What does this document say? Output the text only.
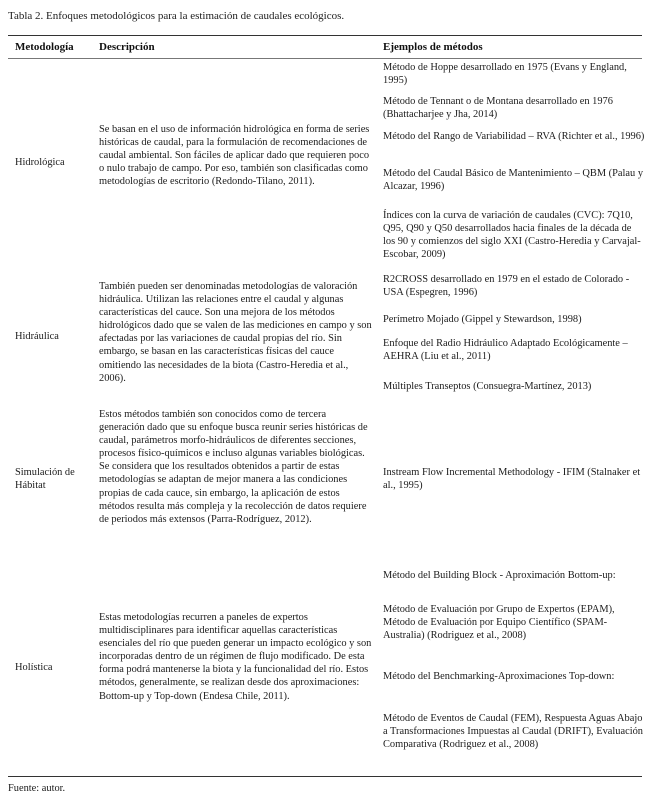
Tabla 2. Enfoques metodológicos para la estimación de caudales ecológicos.
Metodología Descripción	Ejemplos de métodos
Hidrológica
Se basan en el uso de información hidrológica en forma de series históricas de caudal, para la formulación de recomendaciones de caudal ambiental. Son fáciles de aplicar dado que requieren poco o nulo trabajo de campo. Por eso, también son clasificadas como metodologías de escritorio (Redondo-Tilano, 2011).
Método de Hoppe desarrollado en 1975 (Evans y England, 1995)
Método de Tennant o de Montana desarrollado en 1976 (Bhattacharjee y Jha, 2014)
Método del Rango de Variabilidad – RVA (Richter et al., 1996)
Método del Caudal Básico de Mantenimiento – QBM (Palau y Alcazar, 1996)
Índices con la curva de variación de caudales (CVC): 7Q10, Q95, Q90 y Q50 desarrollados hacia finales de la década de los 90 y comienzos del siglo XXI (Castro-Heredia y Carvajal-Escobar, 2009)
Hidráulica
También pueden ser denominadas metodologías de valoración hidráulica. Utilizan las relaciones entre el caudal y algunas características del cauce. Son una mejora de los métodos hidrológicos dado que se valen de las mediciones en campo y son afectadas por las variaciones de caudal propias del río. Sin embargo, se basan en las características físicas del cauce omitiendo las necesidades de la biota (Castro-Heredia et al., 2006).
R2CROSS desarrollado en 1979 en el estado de Colorado - USA (Espegren, 1996)
Perímetro Mojado (Gippel y Stewardson, 1998)
Enfoque del Radio Hidráulico Adaptado Ecológicamente – AEHRA (Liu et al., 2011)
Múltiples Transeptos (Consuegra-Martínez, 2013)
Simulación de Hábitat
Estos métodos también son conocidos como de tercera generación dado que su enfoque busca reunir series históricas de caudal, parámetros morfo-hidráulicos de diferentes secciones, procesos físico-químicos e incluso algunas variables biológicas. Se considera que los resultados obtenidos a partir de estas metodologías se adaptan de mejor manera a las condiciones propias de cada cauce, sin embargo, la aplicación de estos métodos resulta más compleja y la recolección de datos requiere de periodos más extensos (Parra-Rodríguez, 2012).
Instream Flow Incremental Methodology - IFIM (Stalnaker et al., 1995)
Holística
Estas metodologías recurren a paneles de expertos multidisciplinares para identificar aquellas características esenciales del río que pueden generar un impacto ecológico y son incorporadas dentro de un régimen de flujo modificado. De esta forma podrá mantenerse la biota y la funcionalidad del río. Estos métodos, generalmente, se realizan desde dos aproximaciones: Bottom-up y Top-down (Endesa Chile, 2011).
Método del Building Block - Aproximación Bottom-up:
Método de Evaluación por Grupo de Expertos (EPAM), Método de Evaluación por Equipo Científico (SPAM-Australia) (Rodriguez et al., 2008)
Método del Benchmarking-Aproximaciones Top-down:
Método de Eventos de Caudal (FEM), Respuesta Aguas Abajo a Transformaciones Impuestas al Caudal (DRIFT), Evaluación Comparativa (Rodriguez et al., 2008)
Fuente: autor.
